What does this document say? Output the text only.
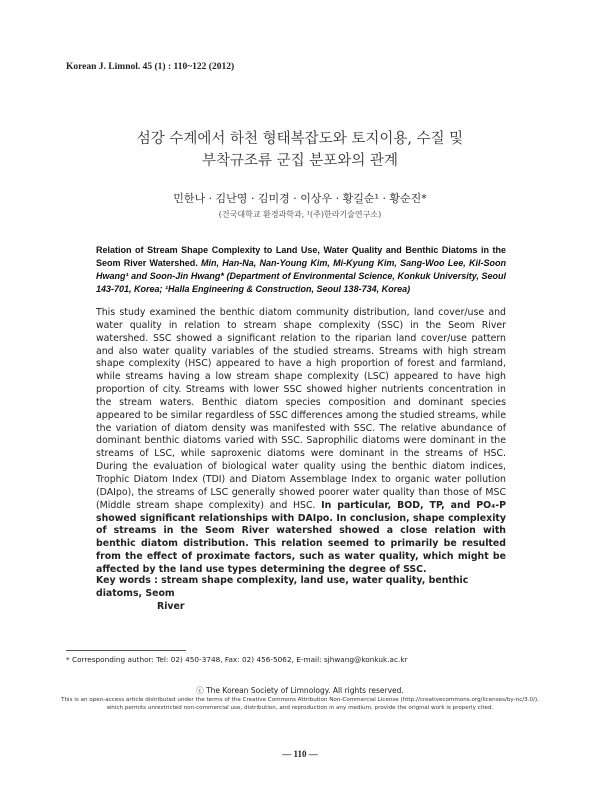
Korean J. Limnol. 45 (1) : 110~122 (2012)
섬강 수계에서 하천 형태복잡도와 토지이용, 수질 및
부착규조류 군집 분포와의 관계
민한나 · 김난영 · 김미경 · 이상우 · 황길순¹ · 황순진*
(건국대학교 환경과학과, ¹(주)한라기술연구소)
Relation of Stream Shape Complexity to Land Use, Water Quality and Benthic Diatoms in the Seom River Watershed. Min, Han-Na, Nan-Young Kim, Mi-Kyung Kim, Sang-Woo Lee, Kil-Soon Hwang¹ and Soon-Jin Hwang* (Department of Environmental Science, Konkuk University, Seoul 143-701, Korea; ¹Halla Engineering & Construction, Seoul 138-734, Korea)
This study examined the benthic diatom community distribution, land cover/use and water quality in relation to stream shape complexity (SSC) in the Seom River watershed. SSC showed a significant relation to the riparian land cover/use pattern and also water quality variables of the studied streams. Streams with high stream shape complexity (HSC) appeared to have a high proportion of forest and farmland, while streams having a low stream shape complexity (LSC) appeared to have high proportion of city. Streams with lower SSC showed higher nutrients concentration in the stream waters. Benthic diatom species composition and dominant species appeared to be similar regardless of SSC differences among the studied streams, while the variation of diatom density was manifested with SSC. The relative abundance of dominant benthic diatoms varied with SSC. Saprophilic diatoms were dominant in the streams of LSC, while saproxenic diatoms were dominant in the streams of HSC. During the evaluation of biological water quality using the benthic diatom indices, Trophic Diatom Index (TDI) and Diatom Assemblage Index to organic water pollution (DAIpo), the streams of LSC generally showed poorer water quality than those of MSC (Middle stream shape complexity) and HSC. In particular, BOD, TP, and PO₄-P showed significant relationships with DAIpo. In conclusion, shape complexity of streams in the Seom River watershed showed a close relation with benthic diatom distribution. This relation seemed to primarily be resulted from the effect of proximate factors, such as water quality, which might be affected by the land use types determining the degree of SSC.
Key words : stream shape complexity, land use, water quality, benthic diatoms, Seom
River
* Corresponding author: Tel: 02) 450-3748, Fax: 02) 456-5062, E-mail: sjhwang@konkuk.ac.kr
ⓒ The Korean Society of Limnology. All rights reserved.
This is an open-access article distributed under the terms of the Creative Commons Attribution Non-Commercial License (http://creativecommons.org/licenses/by-nc/3.0/),
which permits unrestricted non-commercial use, distribution, and reproduction in any medium, provide the original work is properly cited.
— 110 —
